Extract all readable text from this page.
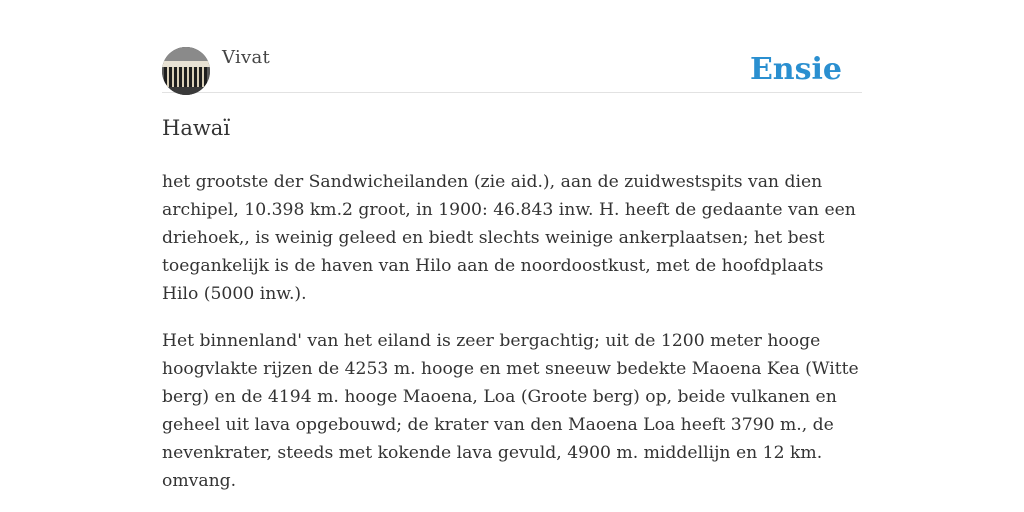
Vivat	Ensie
Hawaï

het grootste der Sandwicheilanden (zie aid.), aan de zuidwestspits van dien archipel, 10.398 km.2 groot, in 1900: 46.843 inw. H. heeft de gedaante van een driehoek,, is weinig geleed en biedt slechts weinige ankerplaatsen; het best toegankelijk is de haven van Hilo aan de noordoostkust, met de hoofdplaats Hilo (5000 inw.).

Het binnenland' van het eiland is zeer bergachtig; uit de 1200 meter hooge hoogvlakte rijzen de 4253 m. hooge en met sneeuw bedekte Maoena Kea (Witte berg) en de 4194 m. hooge Maoena, Loa (Groote berg) op, beide vulkanen en geheel uit lava opgebouwd; de krater van den Maoena Loa heeft 3790 m., de nevenkrater, steeds met kokende lava gevuld, 4900 m. middellijn en 12 km. omvang.
